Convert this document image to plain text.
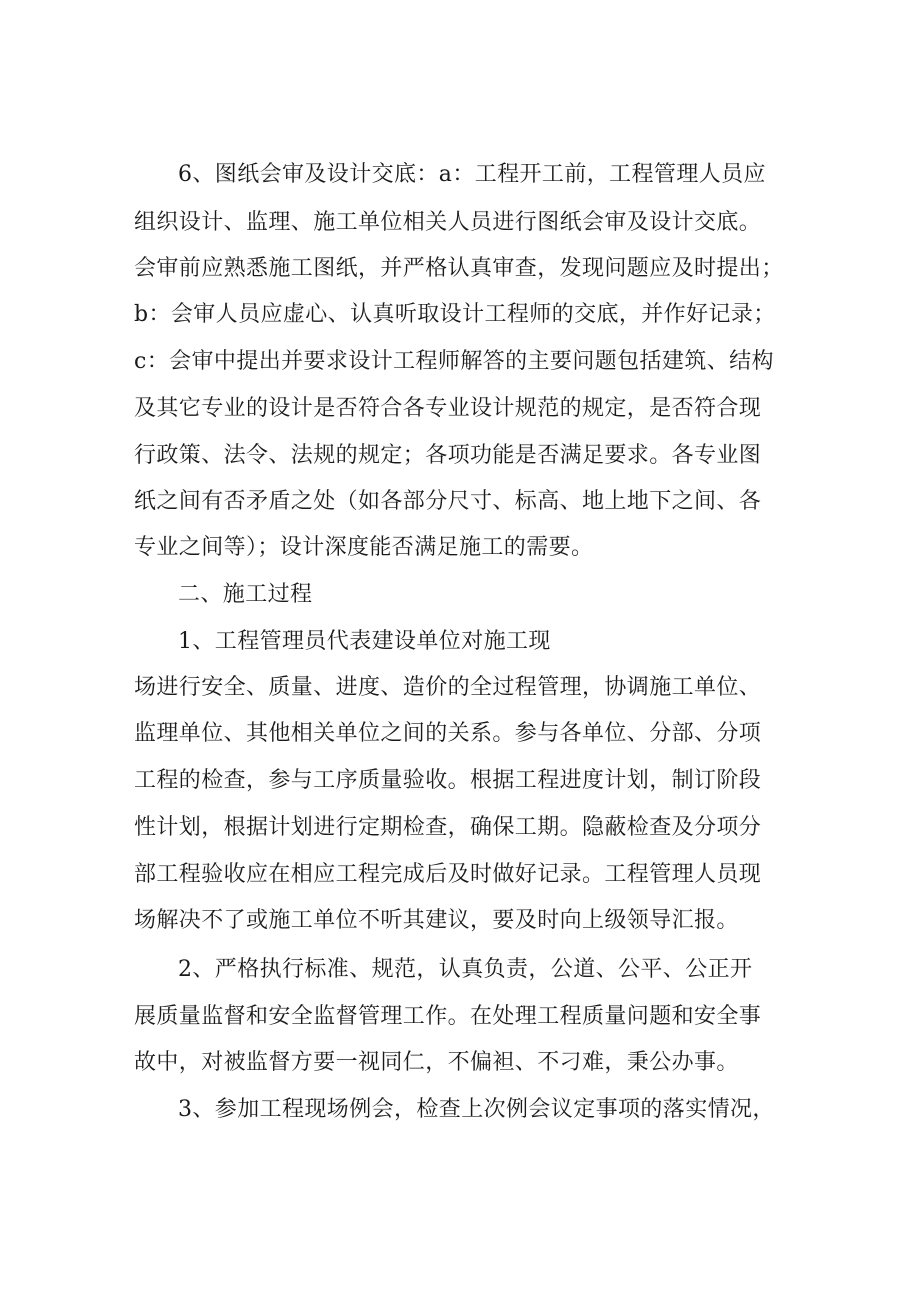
6、图纸会审及设计交底：a：工程开工前，工程管理人员应
组织设计、监理、施工单位相关人员进行图纸会审及设计交底。
会审前应熟悉施工图纸，并严格认真审查，发现问题应及时提出；
b：会审人员应虚心、认真听取设计工程师的交底，并作好记录；
c：会审中提出并要求设计工程师解答的主要问题包括建筑、结构
及其它专业的设计是否符合各专业设计规范的规定，是否符合现
行政策、法令、法规的规定；各项功能是否满足要求。各专业图
纸之间有否矛盾之处（如各部分尺寸、标高、地上地下之间、各
专业之间等）；设计深度能否满足施工的需要。
二、施工过程
1、工程管理员代表建设单位对施工现
场进行安全、质量、进度、造价的全过程管理，协调施工单位、
监理单位、其他相关单位之间的关系。参与各单位、分部、分项
工程的检查，参与工序质量验收。根据工程进度计划，制订阶段
性计划，根据计划进行定期检查，确保工期。隐蔽检查及分项分
部工程验收应在相应工程完成后及时做好记录。工程管理人员现
场解决不了或施工单位不听其建议，要及时向上级领导汇报。
2、严格执行标准、规范，认真负责，公道、公平、公正开
展质量监督和安全监督管理工作。在处理工程质量问题和安全事
故中，对被监督方要一视同仁，不偏袒、不刁难，秉公办事。
3、参加工程现场例会，检查上次例会议定事项的落实情况，
